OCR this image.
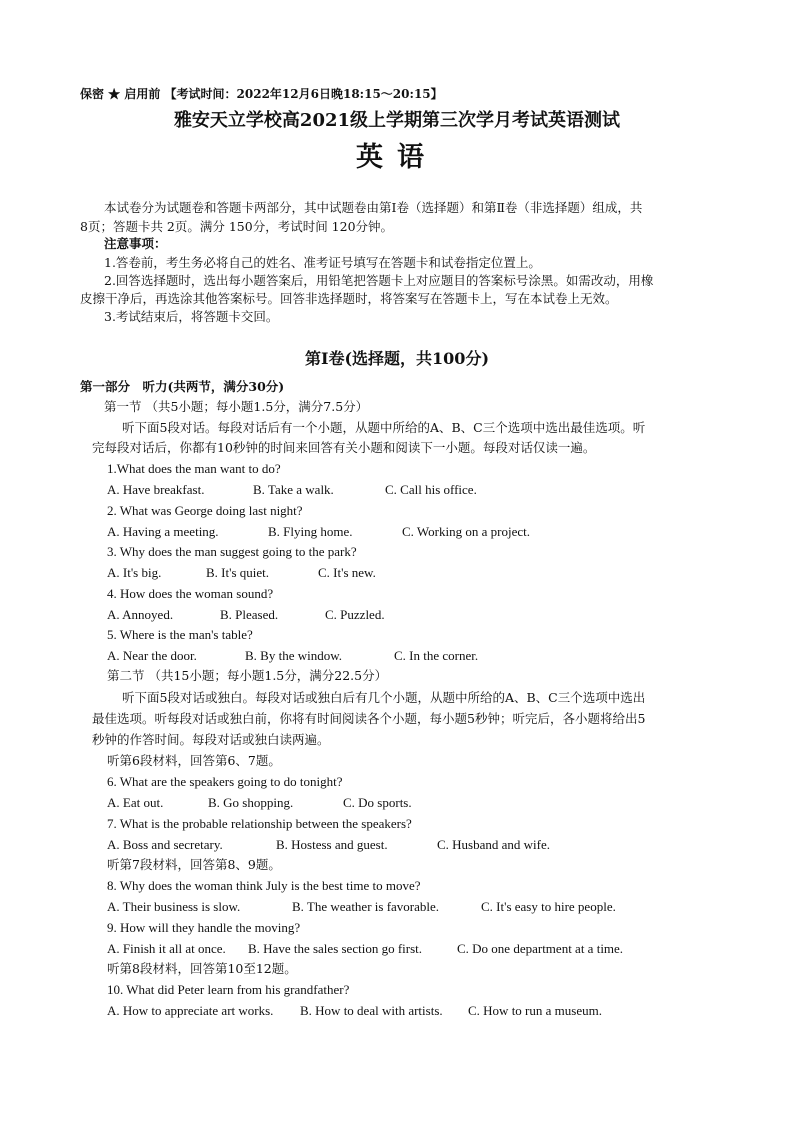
保密 ★ 启用前 【考试时间：2022年12月6日晚18:15～20:15】
雅安天立学校高2021级上学期第三次学月考试英语测试
英语
本试卷分为试题卷和答题卡两部分，其中试题卷由第Ⅰ卷（选择题）和第Ⅱ卷（非选择题）组成，共
8页；答题卡共 2页。满分 150分，考试时间 120分钟。
注意事项：
1.答卷前，考生务必将自己的姓名、准考证号填写在答题卡和试卷指定位置上。
2.回答选择题时，选出每小题答案后，用铅笔把答题卡上对应题目的答案标号涂黑。如需改动，用橡
皮擦干净后，再选涂其他答案标号。回答非选择题时，将答案写在答题卡上，写在本试卷上无效。
3.考试结束后，将答题卡交回。
第Ⅰ卷(选择题，共100分)
第一部分　听力(共两节，满分30分)
第一节 （共5小题；每小题1.5分，满分7.5分）
听下面5段对话。每段对话后有一个小题，从题中所给的A、B、C三个选项中选出最佳选项。听
完每段对话后，你都有10秒钟的时间来回答有关小题和阅读下一小题。每段对话仅读一遍。
1.What does the man want to do?
A. Have breakfast.	B. Take a walk.	C. Call his office.
2. What was George doing last night?
A. Having a meeting.	B. Flying home.	C. Working on a project.
3. Why does the man suggest going to the park?
A. It's big.	B. It's quiet.	C. It's new.
4. How does the woman sound?
A. Annoyed.	B. Pleased.	C. Puzzled.
5. Where is the man's table?
A. Near the door.	B. By the window.	C. In the corner.
第二节 （共15小题；每小题1.5分，满分22.5分）
听下面5段对话或独白。每段对话或独白后有几个小题，从题中所给的A、B、C三个选项中选出
最佳选项。听每段对话或独白前，你将有时间阅读各个小题，每小题5秒钟；听完后，各小题将给出5
秒钟的作答时间。每段对话或独白读两遍。
听第6段材料，回答第6、7题。
6. What are the speakers going to do tonight?
A. Eat out.	B. Go shopping.	C. Do sports.
7. What is the probable relationship between the speakers?
A. Boss and secretary.	B. Hostess and guest.	C. Husband and wife.
听第7段材料，回答第8、9题。
8. Why does the woman think July is the best time to move?
A. Their business is slow.	B. The weather is favorable.	C. It's easy to hire people.
9. How will they handle the moving?
A. Finish it all at once. B. Have the sales section go first.	C. Do one department at a time.
听第8段材料，回答第10至12题。
10. What did Peter learn from his grandfather?
A. How to appreciate art works. B. How to deal with artists. C. How to run a museum.
